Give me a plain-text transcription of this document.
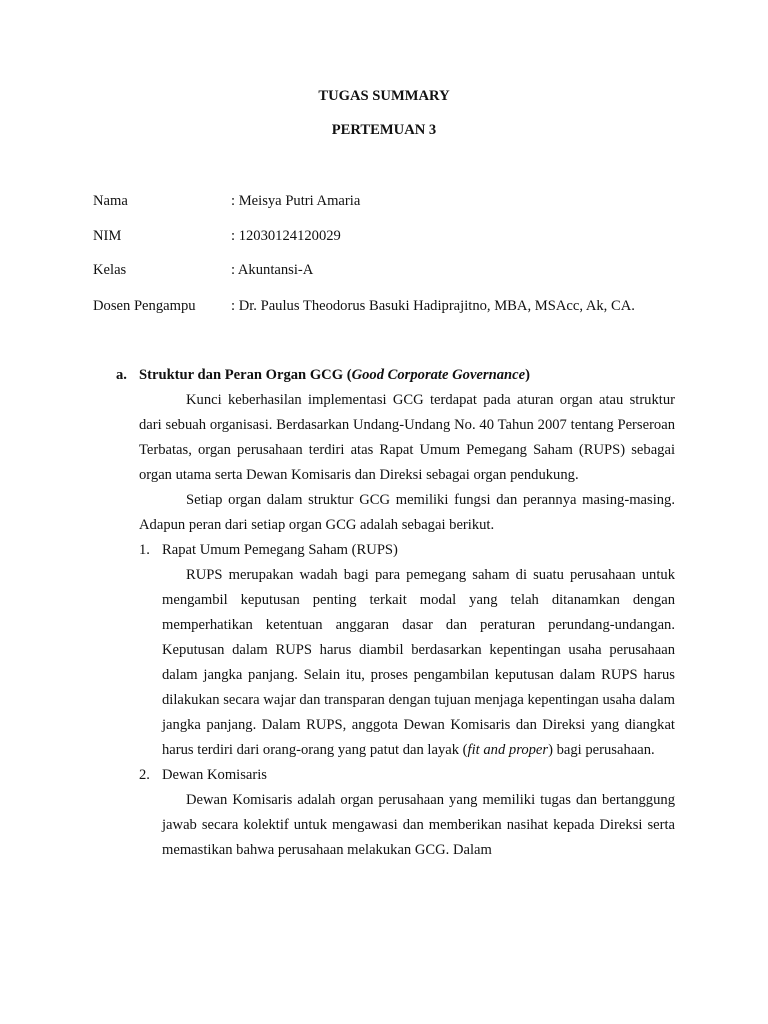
TUGAS SUMMARY
PERTEMUAN 3
Nama	: Meisya Putri Amaria
NIM	: 12030124120029
Kelas	: Akuntansi-A
Dosen Pengampu : Dr. Paulus Theodorus Basuki Hadiprajitno, MBA, MSAcc, Ak, CA.
a. Struktur dan Peran Organ GCG (Good Corporate Governance)

Kunci keberhasilan implementasi GCG terdapat pada aturan organ atau struktur dari sebuah organisasi. Berdasarkan Undang-Undang No. 40 Tahun 2007 tentang Perseroan Terbatas, organ perusahaan terdiri atas Rapat Umum Pemegang Saham (RUPS) sebagai organ utama serta Dewan Komisaris dan Direksi sebagai organ pendukung.

Setiap organ dalam struktur GCG memiliki fungsi dan perannya masing-masing. Adapun peran dari setiap organ GCG adalah sebagai berikut.

1. Rapat Umum Pemegang Saham (RUPS)

RUPS merupakan wadah bagi para pemegang saham di suatu perusahaan untuk mengambil keputusan penting terkait modal yang telah ditanamkan dengan memperhatikan ketentuan anggaran dasar dan peraturan perundang-undangan. Keputusan dalam RUPS harus diambil berdasarkan kepentingan usaha perusahaan dalam jangka panjang. Selain itu, proses pengambilan keputusan dalam RUPS harus dilakukan secara wajar dan transparan dengan tujuan menjaga kepentingan usaha dalam jangka panjang. Dalam RUPS, anggota Dewan Komisaris dan Direksi yang diangkat harus terdiri dari orang-orang yang patut dan layak (fit and proper) bagi perusahaan.

2. Dewan Komisaris

Dewan Komisaris adalah organ perusahaan yang memiliki tugas dan bertanggung jawab secara kolektif untuk mengawasi dan memberikan nasihat kepada Direksi serta memastikan bahwa perusahaan melakukan GCG. Dalam
